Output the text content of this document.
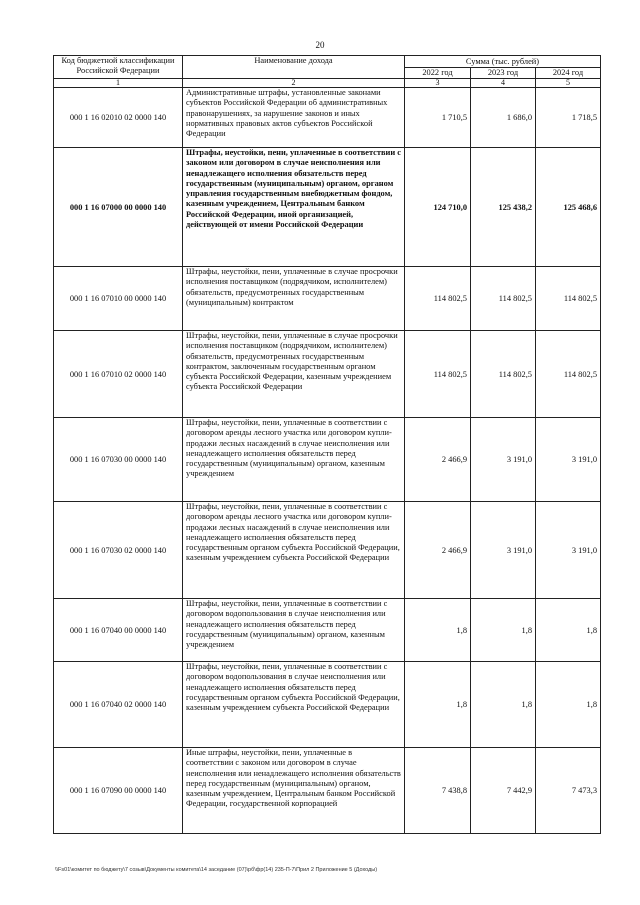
20
Код бюджетной классификации Российской Федерации	Наименование дохода	Сумма (тыс. рублей)		
		2022 год	2023 год	2024 год
1	2	3	4	5
000 1 16 02010 02 0000 140	Административные штрафы, установленные законами субъектов Российской Федерации об административных правонарушениях, за нарушение законов и иных нормативных правовых актов субъектов Российской Федерации	1 710,5	1 686,0	1 718,5
000 1 16 07000 00 0000 140	Штрафы, неустойки, пени, уплаченные в соответствии с законом или договором в случае неисполнения или ненадлежащего исполнения обязательств перед государственным (муниципальным) органом, органом управления государственным внебюджетным фондом, казенным учреждением, Центральным банком Российской Федерации, иной организацией, действующей от имени Российской Федерации	124 710,0	125 438,2	125 468,6
000 1 16 07010 00 0000 140	Штрафы, неустойки, пени, уплаченные в случае просрочки исполнения поставщиком (подрядчиком, исполнителем) обязательств, предусмотренных государственным (муниципальным) контрактом	114 802,5	114 802,5	114 802,5
000 1 16 07010 02 0000 140	Штрафы, неустойки, пени, уплаченные в случае просрочки исполнения поставщиком (подрядчиком, исполнителем) обязательств, предусмотренных государственным контрактом, заключенным государственным органом субъекта Российской Федерации, казенным учреждением субъекта Российской Федерации	114 802,5	114 802,5	114 802,5
000 1 16 07030 00 0000 140	Штрафы, неустойки, пени, уплаченные в соответствии с договором аренды лесного участка или договором купли-продажи лесных насаждений в случае неисполнения или ненадлежащего исполнения обязательств перед государственным (муниципальным) органом, казенным учреждением	2 466,9	3 191,0	3 191,0
000 1 16 07030 02 0000 140	Штрафы, неустойки, пени, уплаченные в соответствии с договором аренды лесного участка или договором купли-продажи лесных насаждений в случае неисполнения или ненадлежащего исполнения обязательств перед государственным органом субъекта Российской Федерации, казенным учреждением субъекта Российской Федерации	2 466,9	3 191,0	3 191,0
000 1 16 07040 00 0000 140	Штрафы, неустойки, пени, уплаченные в соответствии с договором водопользования в случае неисполнения или ненадлежащего исполнения обязательств перед государственным (муниципальным) органом, казенным учреждением	1,8	1,8	1,8
000 1 16 07040 02 0000 140	Штрафы, неустойки, пени, уплаченные в соответствии с договором водопользования в случае неисполнения или ненадлежащего исполнения обязательств перед государственным органом субъекта Российской Федерации, казенным учреждением субъекта Российской Федерации	1,8	1,8	1,8
000 1 16 07090 00 0000 140	Иные штрафы, неустойки, пени, уплаченные в соответствии с законом или договором в случае неисполнения или ненадлежащего исполнения обязательств перед государственным (муниципальным) органом, казенным учреждением, Центральным банком Российской Федерации, государственной корпорацией	7 438,8	7 442,9	7 473,3
\\Fs01\комитет по бюджету\7 созыв\Документы комитета\14 заседание (07)\рб\фр(14) 235-П-7\Прил 2 Приложение 5 (Доходы)
